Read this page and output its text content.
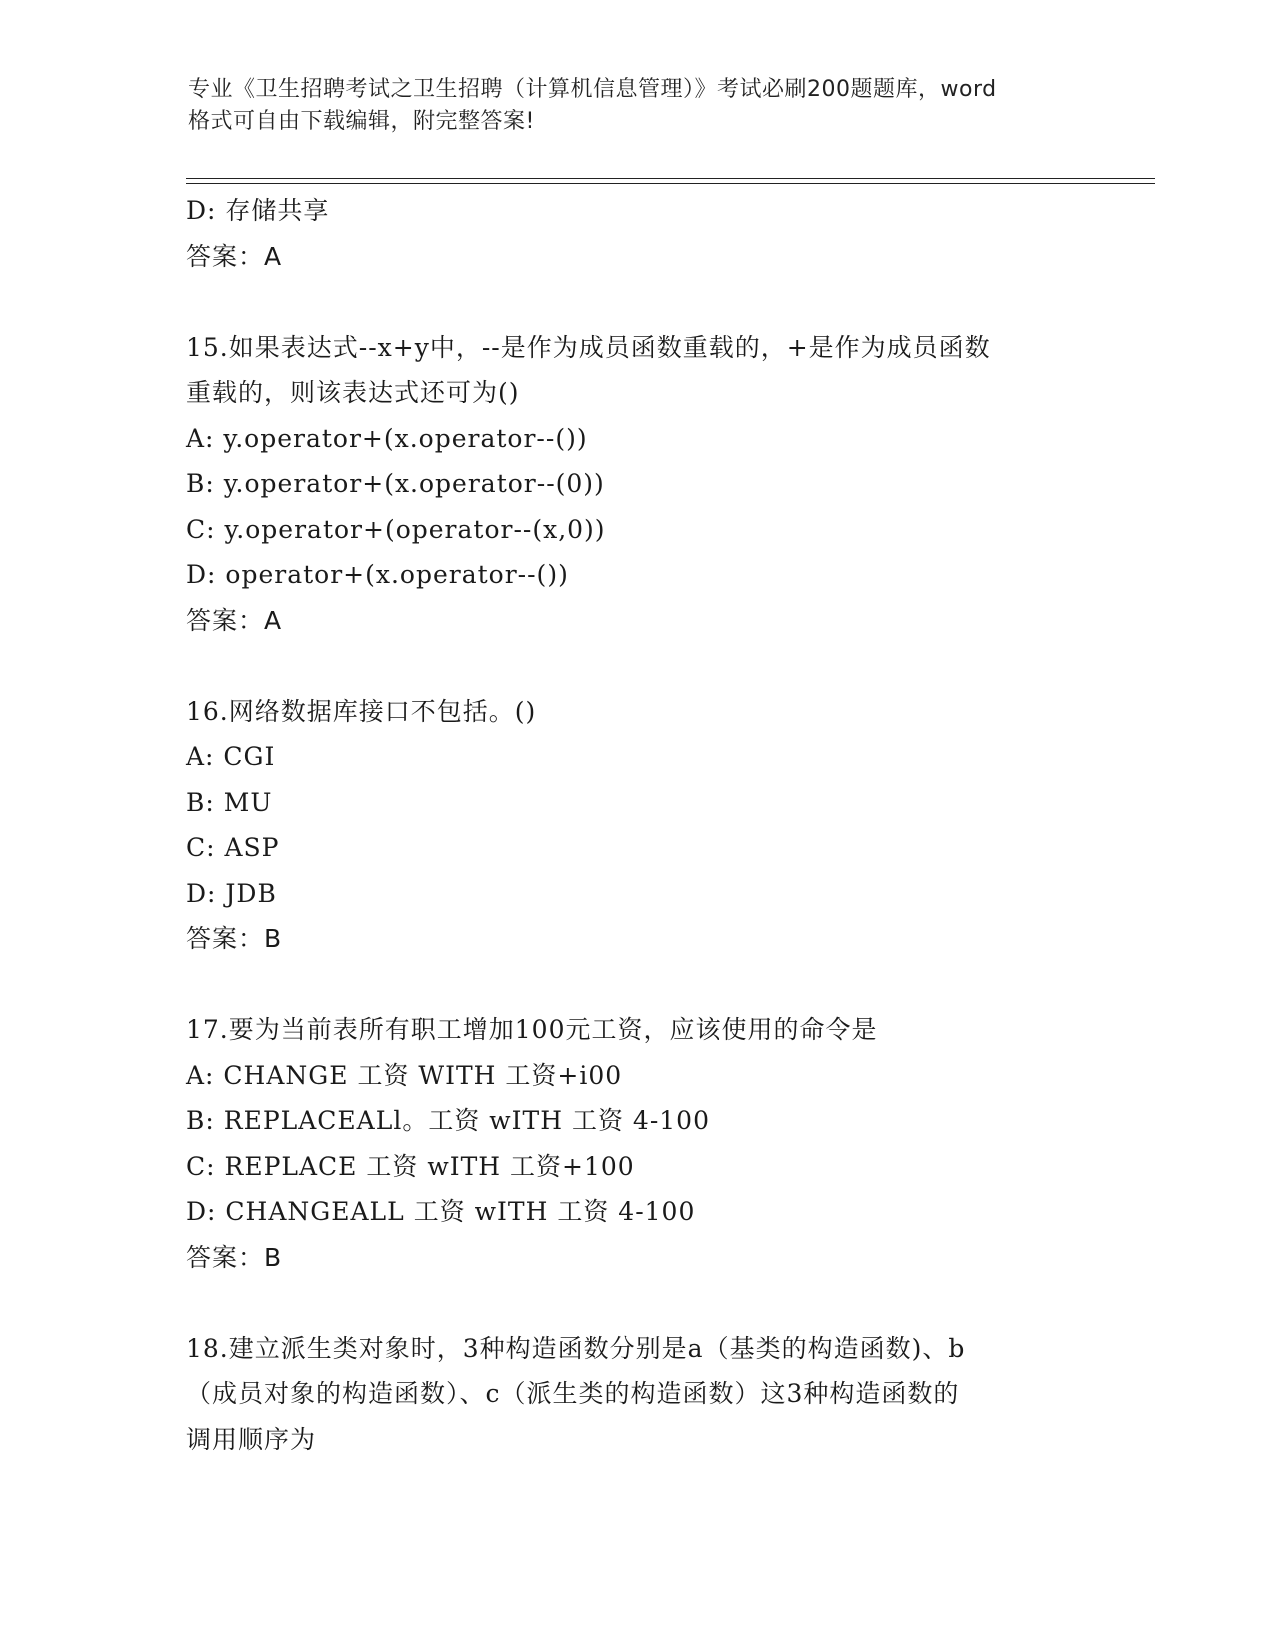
专业《卫生招聘考试之卫生招聘（计算机信息管理）》考试必刷200题题库，word
格式可自由下载编辑，附完整答案!
D: 存储共享
答案：A
15.如果表达式--x+y中，--是作为成员函数重载的，+是作为成员函数
重载的，则该表达式还可为()
A: y.operator+(x.operator--())
B: y.operator+(x.operator--(0))
C: y.operator+(operator--(x,0))
D: operator+(x.operator--())
答案：A
16.网络数据库接口不包括。()
A: CGI
B: MU
C: ASP
D: JDB
答案：B
17.要为当前表所有职工增加100元工资，应该使用的命令是
A: CHANGE 工资 WITH 工资+i00
B: REPLACEALl。工资 wITH 工资 4-100
C: REPLACE 工资 wITH 工资+100
D: CHANGEALL 工资 wITH 工资 4-100
答案：B
18.建立派生类对象时，3种构造函数分别是a（基类的构造函数)、b
（成员对象的构造函数）、c（派生类的构造函数）这3种构造函数的
调用顺序为
